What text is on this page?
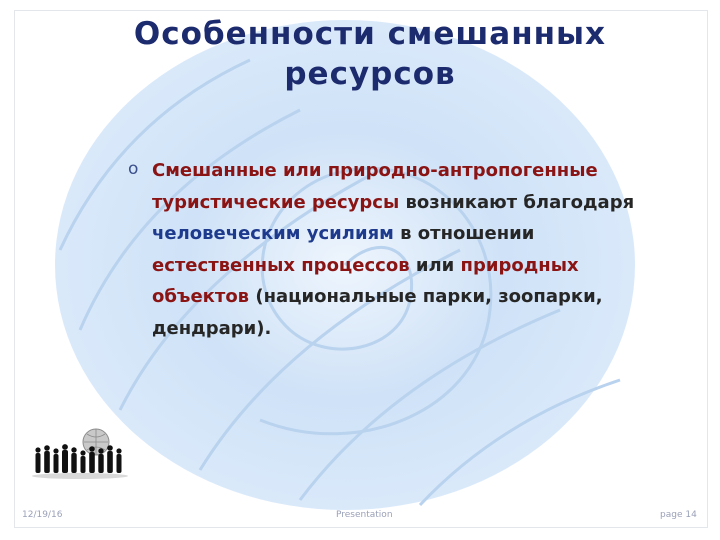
Особенности смешанных ресурсов
o Смешанные или природно-антропогенные туристические ресурсы возникают благодаря человеческим усилиям в отношении естественных процессов или природных объектов (национальные парки, зоопарки, дендрари).
12/19/16	Presentation	page 14
